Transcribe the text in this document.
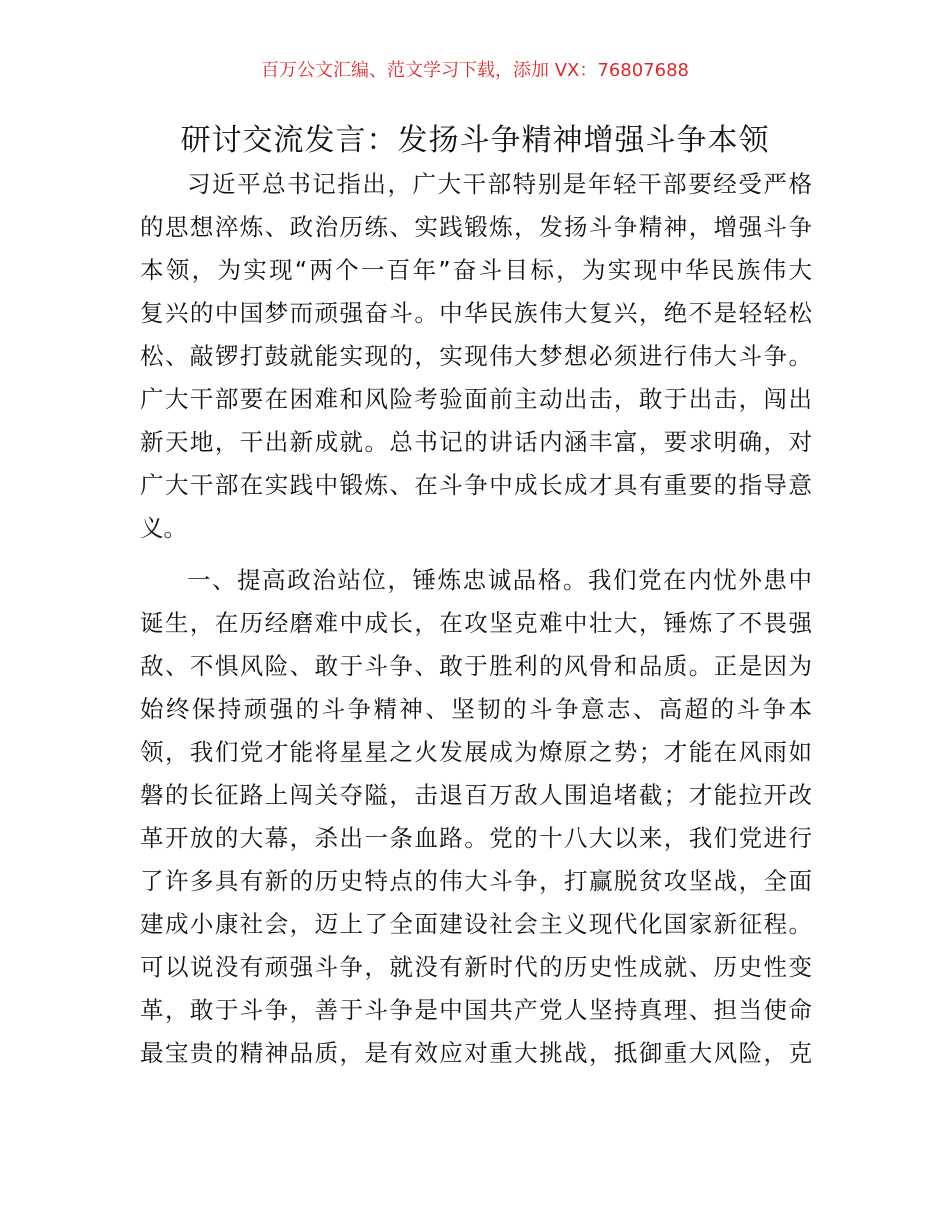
百万公文汇编、范文学习下载，添加 VX：76807688
研讨交流发言：发扬斗争精神增强斗争本领
习近平总书记指出，广大干部特别是年轻干部要经受严格
的思想淬炼、政治历练、实践锻炼，发扬斗争精神，增强斗争
本领，为实现“两个一百年”奋斗目标，为实现中华民族伟大
复兴的中国梦而顽强奋斗。中华民族伟大复兴，绝不是轻轻松
松、敲锣打鼓就能实现的，实现伟大梦想必须进行伟大斗争。
广大干部要在困难和风险考验面前主动出击，敢于出击，闯出
新天地，干出新成就。总书记的讲话内涵丰富，要求明确，对
广大干部在实践中锻炼、在斗争中成长成才具有重要的指导意
义。
一、提高政治站位，锤炼忠诚品格。我们党在内忧外患中
诞生，在历经磨难中成长，在攻坚克难中壮大，锤炼了不畏强
敌、不惧风险、敢于斗争、敢于胜利的风骨和品质。正是因为
始终保持顽强的斗争精神、坚韧的斗争意志、高超的斗争本
领，我们党才能将星星之火发展成为燎原之势；才能在风雨如
磐的长征路上闯关夺隘，击退百万敌人围追堵截；才能拉开改
革开放的大幕，杀出一条血路。党的十八大以来，我们党进行
了许多具有新的历史特点的伟大斗争，打赢脱贫攻坚战，全面
建成小康社会，迈上了全面建设社会主义现代化国家新征程。
可以说没有顽强斗争，就没有新时代的历史性成就、历史性变
革，敢于斗争，善于斗争是中国共产党人坚持真理、担当使命
最宝贵的精神品质，是有效应对重大挑战，抵御重大风险，克
